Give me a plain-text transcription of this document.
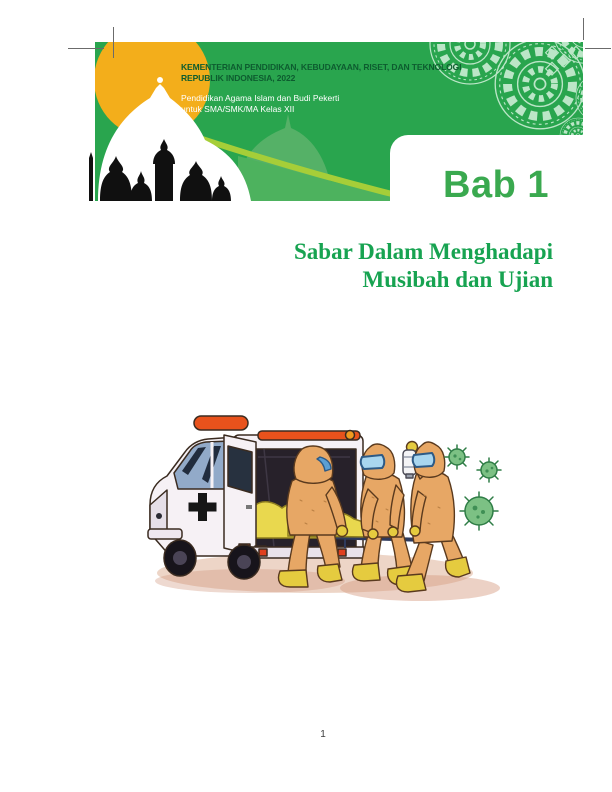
KEMENTERIAN PENDIDIKAN, KEBUDAYAAN, RISET, DAN TEKNOLOGI
REPUBLIK INDONESIA, 2022
Pendidikan Agama Islam dan Budi Pekerti
untuk SMA/SMK/MA Kelas XII
Bab 1
Sabar Dalam Menghadapi
Musibah dan Ujian
1
